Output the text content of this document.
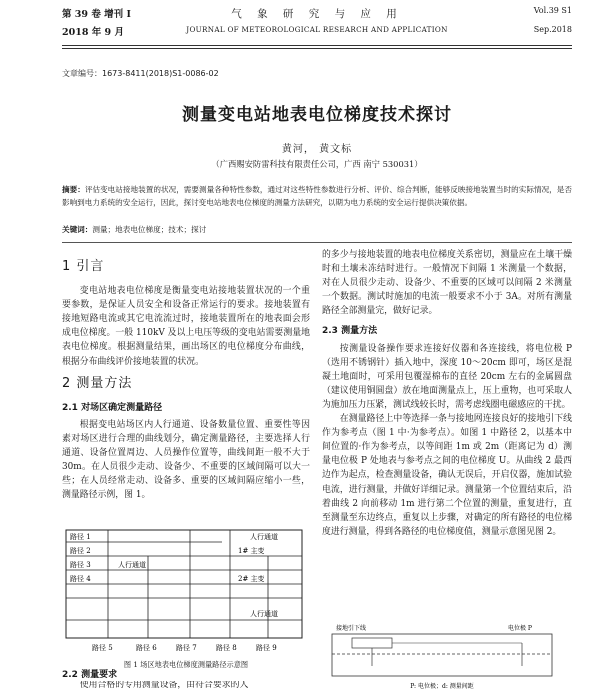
第 39 卷 增刊 I
2018 年 9 月
气 象 研 究 与 应 用
JOURNAL OF METEOROLOGICAL RESEARCH AND APPLICATION
Vol.39 S1
Sep.2018
文章编号：1673-8411(2018)S1-0086-02
测量变电站地表电位梯度技术探讨
黄河， 黄文标
（广西赐安防雷科技有限责任公司，广西 南宁 530031）
摘要：评估变电站接地装置的状况，需要测量各种特性参数，通过对这些特性参数进行分析、评价、综合判断，能够反映接地装置当时的实际情况，是否影响到电力系统的安全运行，因此，探讨变电站地表电位梯度的测量方法研究，以期为电力系统的安全运行提供决策依据。
关键词：测量；地表电位梯度；技术；探讨
1 引言

变电站地表电位梯度是衡量变电站接地装置状况的一个重要参数，是保证人员安全和设备正常运行的要求。接地装置有接地短路电流或其它电流流过时，接地装置所在的地表面会形成电位梯度。一般 110kV 及以上电压等级的变电站需要测量地表电位梯度。根据测量结果，画出场区的电位梯度分布曲线，根据分布曲线评价接地装置的状况。

2 测量方法
2.1 对场区确定测量路径

根据变电站场区内人行通道、设备数量位置、重要性等因素对场区进行合理的曲线划分，确定测量路径，主要选择人行通道、设备位置周边、人员操作位置等，曲线间距一般不大于 30m。在人员很少走动、设备少、不重要的区域间隔可以大一些；在人员经常走动、设备多、重要的区域间隔应缩小一些，测量路径示例，图 1。

路径 1
路径 2
路径 3
路径 4
人行通道
人行通道
人行通道
1# 主变
2# 主变
路径 5	路径 6	路径 7	路径 8	路径 9
图 1 场区地表电位梯度测量路径示意图
2.2 测量要求

使用合格的专用测量设备，由符合要求的人

的多少与接地装置的地表电位梯度关系密切，测量应在土壤干燥时和土壤未冻结时进行。一般情况下间隔 1 米测量一个数据，对在人员很少走动、设备少、不重要的区域可以间隔 2 米测量一个数据。测试时施加的电流一般要求不小于 3A。对所有测量路径全部测量完，做好记录。

2.3 测量方法

按测量设备操作要求连接好仪器和各连接线，将电位极 P（选用不锈钢针）插入地中，深度 10～20cm 即可，场区是混凝土地面时，可采用包覆湿棉布的直径 20cm 左右的金属圆盘（建议使用铜圆盘）放在地面测量点上，压上重物，也可采取人为施加压力压紧，测试线较长时，需考虑线圈电磁感应的干扰。

在测量路径上中等选择一条与接地网连接良好的接地引下线作为参考点（图 1 中·为参考点）。如图 1 中路径 2，以基本中间位置的·作为参考点，以等间距 1m 或 2m（距离记为 d）测量电位极 P 处地表与参考点之间的电位梯度 U。从曲线 2 最西边作为起点，检查测量设备，确认无误后，开启仪器，施加试验电流，进行测量，并做好详细记录。测量第一个位置结束后，沿着曲线 2 向前移动 1m 进行第二个位置的测量，重复进行，直至测量至东边终点，重复以上步骤，对确定的所有路径的电位梯度进行测量，得到各路径的电位梯度值，测量示意图见图 2。

接地引下线	电位极 P
P: 电位极；d: 测量间距
